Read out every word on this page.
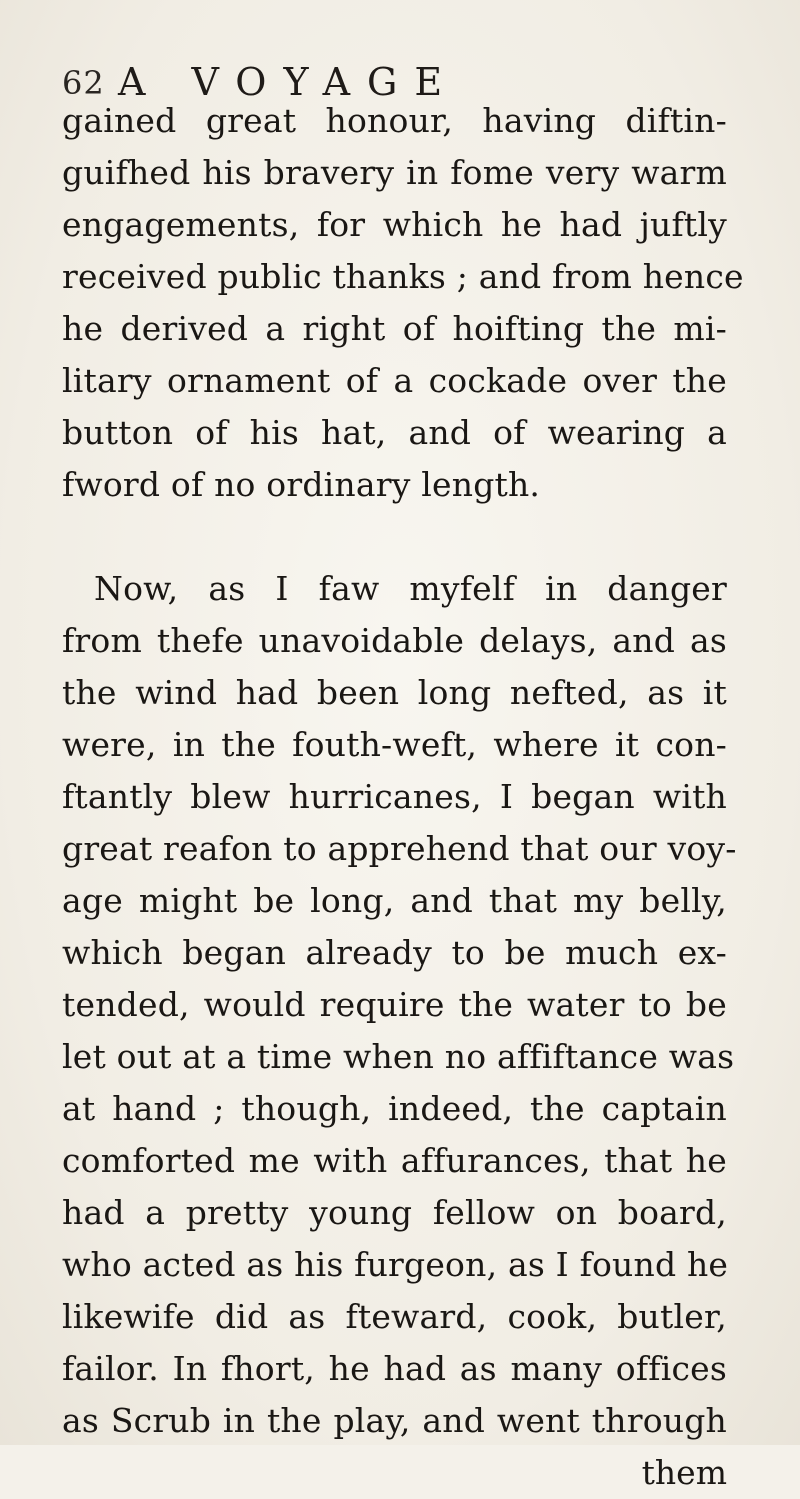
62 A VOYAGE
gained great honour, having diftin-
guifhed his bravery in fome very warm
engagements, for which he had juftly
received public thanks ; and from hence
he derived a right of hoifting the mi-
litary ornament of a cockade over the
button of his hat, and of wearing a
fword of no ordinary length.
Now, as I faw myfelf in danger
from thefe unavoidable delays, and as
the wind had been long nefted, as it
were, in the fouth-weft, where it con-
ftantly blew hurricanes, I began with
great reafon to apprehend that our voy-
age might be long, and that my belly,
which began already to be much ex-
tended, would require the water to be
let out at a time when no affiftance was
at hand ; though, indeed, the captain
comforted me with affurances, that he
had a pretty young fellow on board,
who acted as his furgeon, as I found he
likewife did as fteward, cook, butler,
failor. In fhort, he had as many offices
as Scrub in the play, and went through
them
